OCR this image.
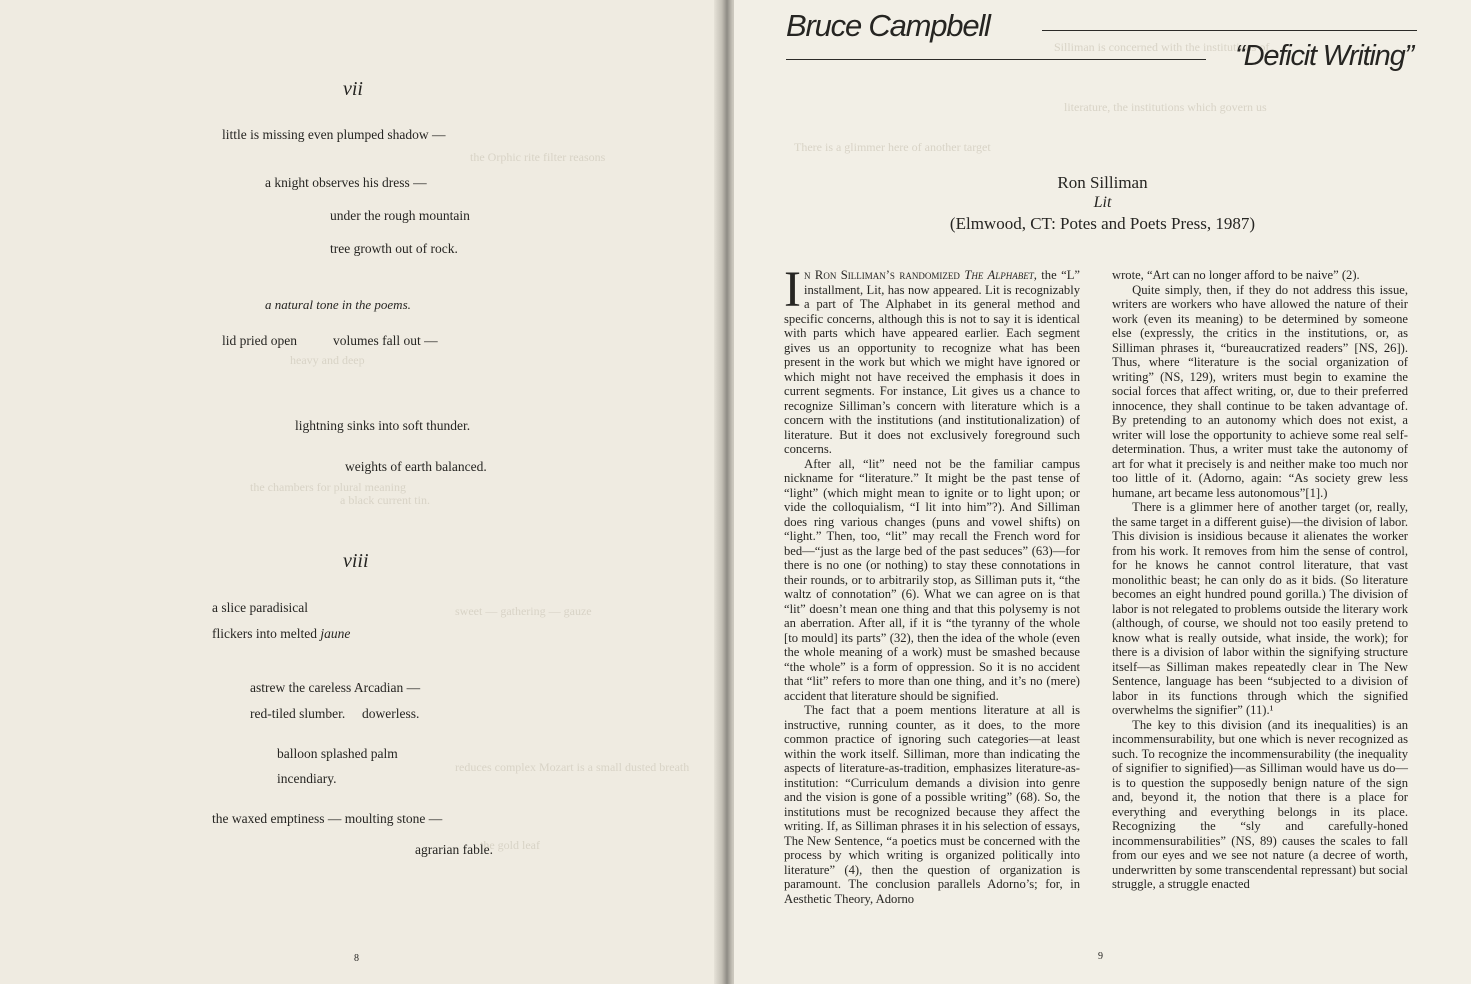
the Orphic rite filter reasons
the chambers for plural meaning
a black current tin.
heavy and deep
sweet — gathering — gauze
reduces complex Mozart is a small dusted breath
the gold leaf
vii
little is missing even plumped shadow —
a knight observes his dress —
under the rough mountain
tree growth out of rock.
a natural tone in the poems.
lid pried open	volumes fall out —
lightning sinks into soft thunder.
weights of earth balanced.
viii
a slice paradisical
flickers into melted jaune
astrew the careless Arcadian —
red-tiled slumber. dowerless.
balloon splashed palm
incendiary.
the waxed emptiness — moulting stone —
agrarian fable.
8
Silliman is concerned with the institutions of
literature, the institutions which govern us
There is a glimmer here of another target
Bruce Campbell
“Deficit Writing”
Ron Silliman
Lit
(Elmwood, CT: Potes and Poets Press, 1987)

In Ron Silliman’s randomized The Alphabet, the “L” installment, Lit, has now appeared. Lit is recognizably a part of The Alphabet in its general method and specific concerns, although this is not to say it is identical with parts which have appeared earlier. Each segment gives us an opportunity to recognize what has been present in the work but which we might have ignored or which might not have received the emphasis it does in current segments. For instance, Lit gives us a chance to recognize Silliman’s concern with literature which is a concern with the institutions (and institutionalization) of literature. But it does not exclusively foreground such concerns.

After all, “lit” need not be the familiar campus nickname for “literature.” It might be the past tense of “light” (which might mean to ignite or to light upon; or vide the colloquialism, “I lit into him”?). And Silliman does ring various changes (puns and vowel shifts) on “light.” Then, too, “lit” may recall the French word for bed—“just as the large bed of the past seduces” (63)—for there is no one (or nothing) to stay these connotations in their rounds, or to arbitrarily stop, as Silliman puts it, “the waltz of connotation” (6). What we can agree on is that “lit” doesn’t mean one thing and that this polysemy is not an aberration. After all, if it is “the tyranny of the whole [to mould] its parts” (32), then the idea of the whole (even the whole meaning of a work) must be smashed because “the whole” is a form of oppression. So it is no accident that “lit” refers to more than one thing, and it’s no (mere) accident that literature should be signified.

The fact that a poem mentions literature at all is instructive, running counter, as it does, to the more common practice of ignoring such categories—at least within the work itself. Silliman, more than indicating the aspects of literature-as-tradition, emphasizes literature-as-institution: “Curriculum demands a division into genre and the vision is gone of a possible writing” (68). So, the institutions must be recognized because they affect the writing. If, as Silliman phrases it in his selection of essays, The New Sentence, “a poetics must be concerned with the process by which writing is organized politically into literature” (4), then the question of organization is paramount. The conclusion parallels Adorno’s; for, in Aesthetic Theory, Adorno

wrote, “Art can no longer afford to be naive” (2).

Quite simply, then, if they do not address this issue, writers are workers who have allowed the nature of their work (even its meaning) to be determined by someone else (expressly, the critics in the institutions, or, as Silliman phrases it, “bureaucratized readers” [NS, 26]). Thus, where “literature is the social organization of writing” (NS, 129), writers must begin to examine the social forces that affect writing, or, due to their preferred innocence, they shall continue to be taken advantage of. By pretending to an autonomy which does not exist, a writer will lose the opportunity to achieve some real self-determination. Thus, a writer must take the autonomy of art for what it precisely is and neither make too much nor too little of it. (Adorno, again: “As society grew less humane, art became less autonomous”[1].)

There is a glimmer here of another target (or, really, the same target in a different guise)—the division of labor. This division is insidious because it alienates the worker from his work. It removes from him the sense of control, for he knows he cannot control literature, that vast monolithic beast; he can only do as it bids. (So literature becomes an eight hundred pound gorilla.) The division of labor is not relegated to problems outside the literary work (although, of course, we should not too easily pretend to know what is really outside, what inside, the work); for there is a division of labor within the signifying structure itself—as Silliman makes repeatedly clear in The New Sentence, language has been “subjected to a division of labor in its functions through which the signified overwhelms the signifier” (11).¹

The key to this division (and its inequalities) is an incommensurability, but one which is never recognized as such. To recognize the incommensurability (the inequality of signifier to signified)—as Silliman would have us do—is to question the supposedly benign nature of the sign and, beyond it, the notion that there is a place for everything and everything belongs in its place. Recognizing the “sly and carefully-honed incommensurabilities” (NS, 89) causes the scales to fall from our eyes and we see not nature (a decree of worth, underwritten by some transcendental repressant) but social struggle, a struggle enacted

9
